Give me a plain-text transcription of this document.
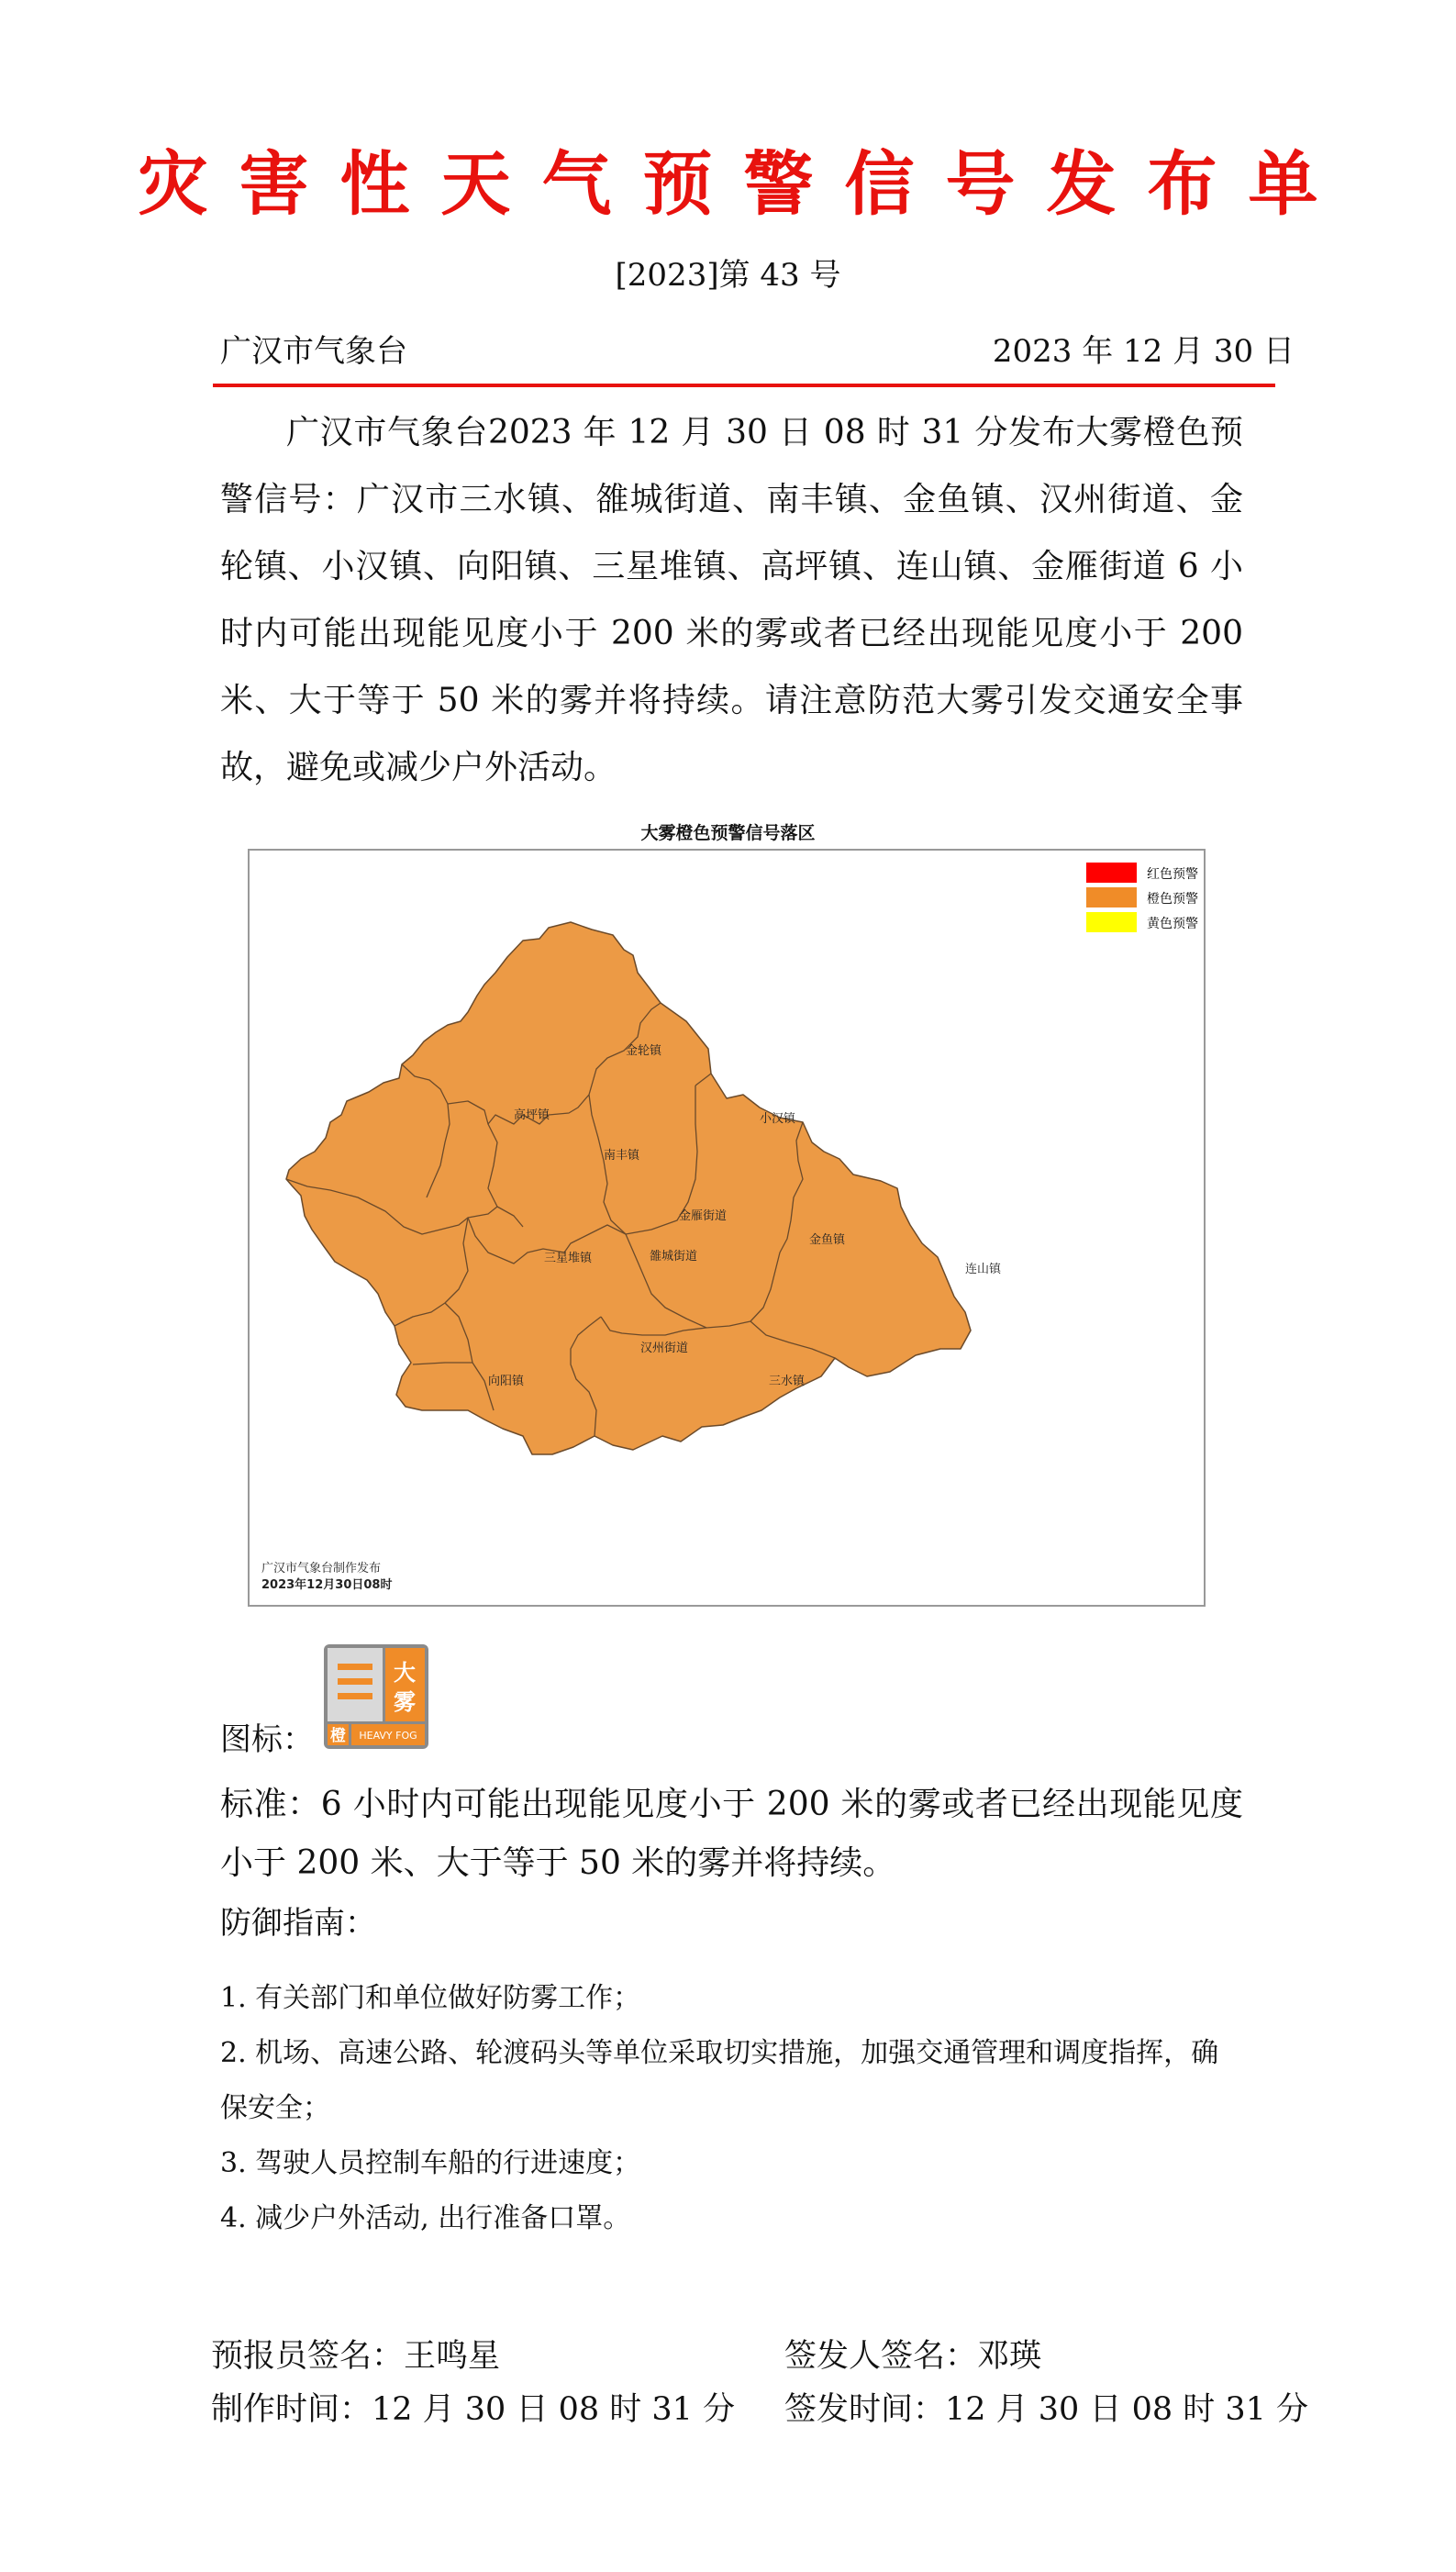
灾害性天气预警信号发布单
[2023]第 43 号
广汉市气象台	2023 年 12 月 30 日
广汉市气象台2023 年 12 月 30 日 08 时 31 分发布大雾橙色预警信号：广汉市三水镇、雒城街道、南丰镇、金鱼镇、汉州街道、金轮镇、小汉镇、向阳镇、三星堆镇、高坪镇、连山镇、金雁街道 6 小时内可能出现能见度小于 200 米的雾或者已经出现能见度小于 200 米、大于等于 50 米的雾并将持续。请注意防范大雾引发交通安全事故，避免或减少户外活动。
大雾橙色预警信号落区
红色预警
橙色预警
黄色预警
金轮镇
高坪镇	小汉镇
南丰镇
金雁街道
三星堆镇	雒城街道
金鱼镇
连山镇
汉州街道
向阳镇	三水镇
广汉市气象台制作发布
2023年12月30日08时
图标：
大
雾
橙 HEAVY FOG
标准：6 小时内可能出现能见度小于 200 米的雾或者已经出现能见度小于 200 米、大于等于 50 米的雾并将持续。
防御指南：
1. 有关部门和单位做好防雾工作；
2. 机场、高速公路、轮渡码头等单位采取切实措施，加强交通管理和调度指挥，确保安全；
3. 驾驶人员控制车船的行进速度；
4. 减少户外活动, 出行准备口罩。
预报员签名：王鸣星	签发人签名：邓瑛
制作时间：12 月 30 日 08 时 31 分 签发时间：12 月 30 日 08 时 31 分
